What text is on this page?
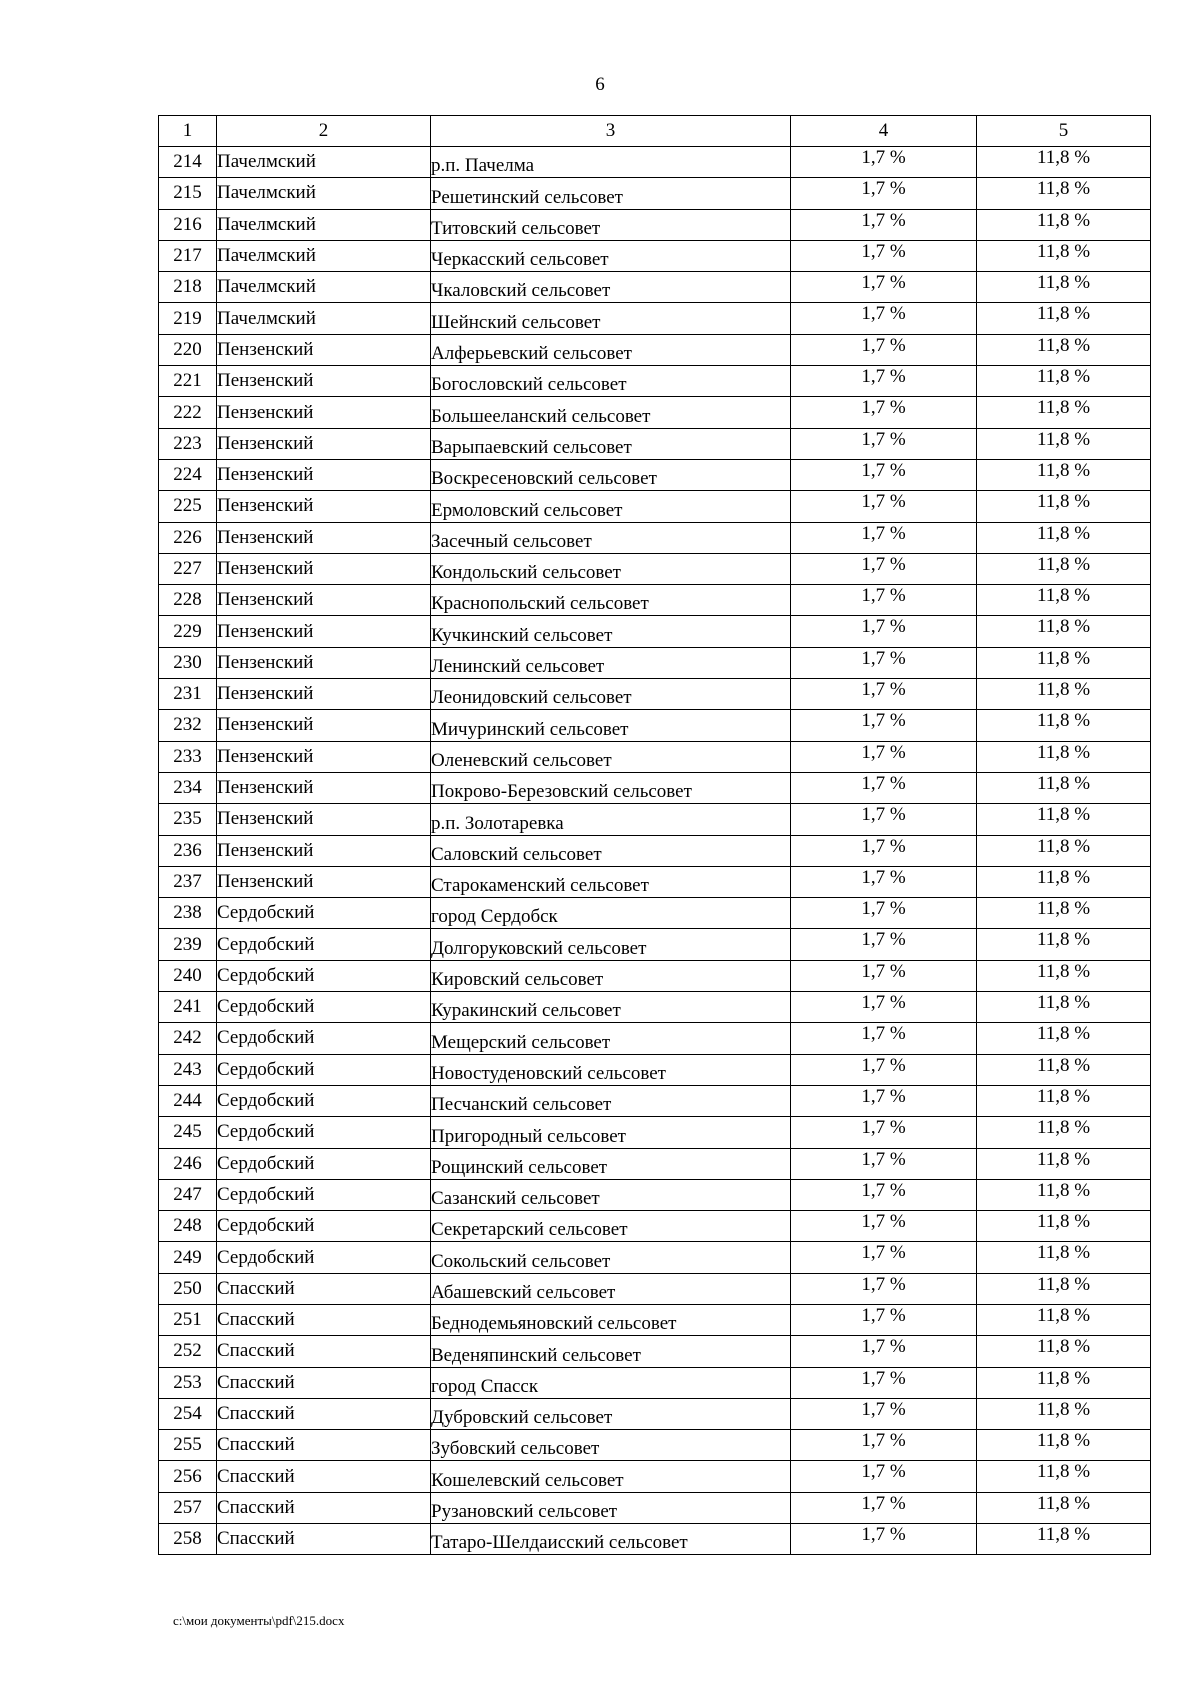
6
1	2	3	4	5
214	Пачелмский	р.п. Пачелма	1,7 %	11,8 %
215	Пачелмский	Решетинский сельсовет	1,7 %	11,8 %
216	Пачелмский	Титовский сельсовет	1,7 %	11,8 %
217	Пачелмский	Черкасский сельсовет	1,7 %	11,8 %
218	Пачелмский	Чкаловский сельсовет	1,7 %	11,8 %
219	Пачелмский	Шейнский сельсовет	1,7 %	11,8 %
220	Пензенский	Алферьевский сельсовет	1,7 %	11,8 %
221	Пензенский	Богословский сельсовет	1,7 %	11,8 %
222	Пензенский	Большееланский сельсовет	1,7 %	11,8 %
223	Пензенский	Варыпаевский сельсовет	1,7 %	11,8 %
224	Пензенский	Воскресеновский сельсовет	1,7 %	11,8 %
225	Пензенский	Ермоловский сельсовет	1,7 %	11,8 %
226	Пензенский	Засечный сельсовет	1,7 %	11,8 %
227	Пензенский	Кондольский сельсовет	1,7 %	11,8 %
228	Пензенский	Краснопольский сельсовет	1,7 %	11,8 %
229	Пензенский	Кучкинский сельсовет	1,7 %	11,8 %
230	Пензенский	Ленинский сельсовет	1,7 %	11,8 %
231	Пензенский	Леонидовский сельсовет	1,7 %	11,8 %
232	Пензенский	Мичуринский сельсовет	1,7 %	11,8 %
233	Пензенский	Оленевский сельсовет	1,7 %	11,8 %
234	Пензенский	Покрово-Березовский сельсовет	1,7 %	11,8 %
235	Пензенский	р.п. Золотаревка	1,7 %	11,8 %
236	Пензенский	Саловский сельсовет	1,7 %	11,8 %
237	Пензенский	Старокаменский сельсовет	1,7 %	11,8 %
238	Сердобский	город Сердобск	1,7 %	11,8 %
239	Сердобский	Долгоруковский сельсовет	1,7 %	11,8 %
240	Сердобский	Кировский сельсовет	1,7 %	11,8 %
241	Сердобский	Куракинский сельсовет	1,7 %	11,8 %
242	Сердобский	Мещерский сельсовет	1,7 %	11,8 %
243	Сердобский	Новостуденовский сельсовет	1,7 %	11,8 %
244	Сердобский	Песчанский сельсовет	1,7 %	11,8 %
245	Сердобский	Пригородный сельсовет	1,7 %	11,8 %
246	Сердобский	Рощинский сельсовет	1,7 %	11,8 %
247	Сердобский	Сазанский сельсовет	1,7 %	11,8 %
248	Сердобский	Секретарский сельсовет	1,7 %	11,8 %
249	Сердобский	Сокольский сельсовет	1,7 %	11,8 %
250	Спасский	Абашевский сельсовет	1,7 %	11,8 %
251	Спасский	Беднодемьяновский сельсовет	1,7 %	11,8 %
252	Спасский	Веденяпинский сельсовет	1,7 %	11,8 %
253	Спасский	город Спасск	1,7 %	11,8 %
254	Спасский	Дубровский сельсовет	1,7 %	11,8 %
255	Спасский	Зубовский сельсовет	1,7 %	11,8 %
256	Спасский	Кошелевский сельсовет	1,7 %	11,8 %
257	Спасский	Рузановский сельсовет	1,7 %	11,8 %
258	Спасский	Татаро-Шелдаисский сельсовет	1,7 %	11,8 %
c:\мои документы\pdf\215.docx
